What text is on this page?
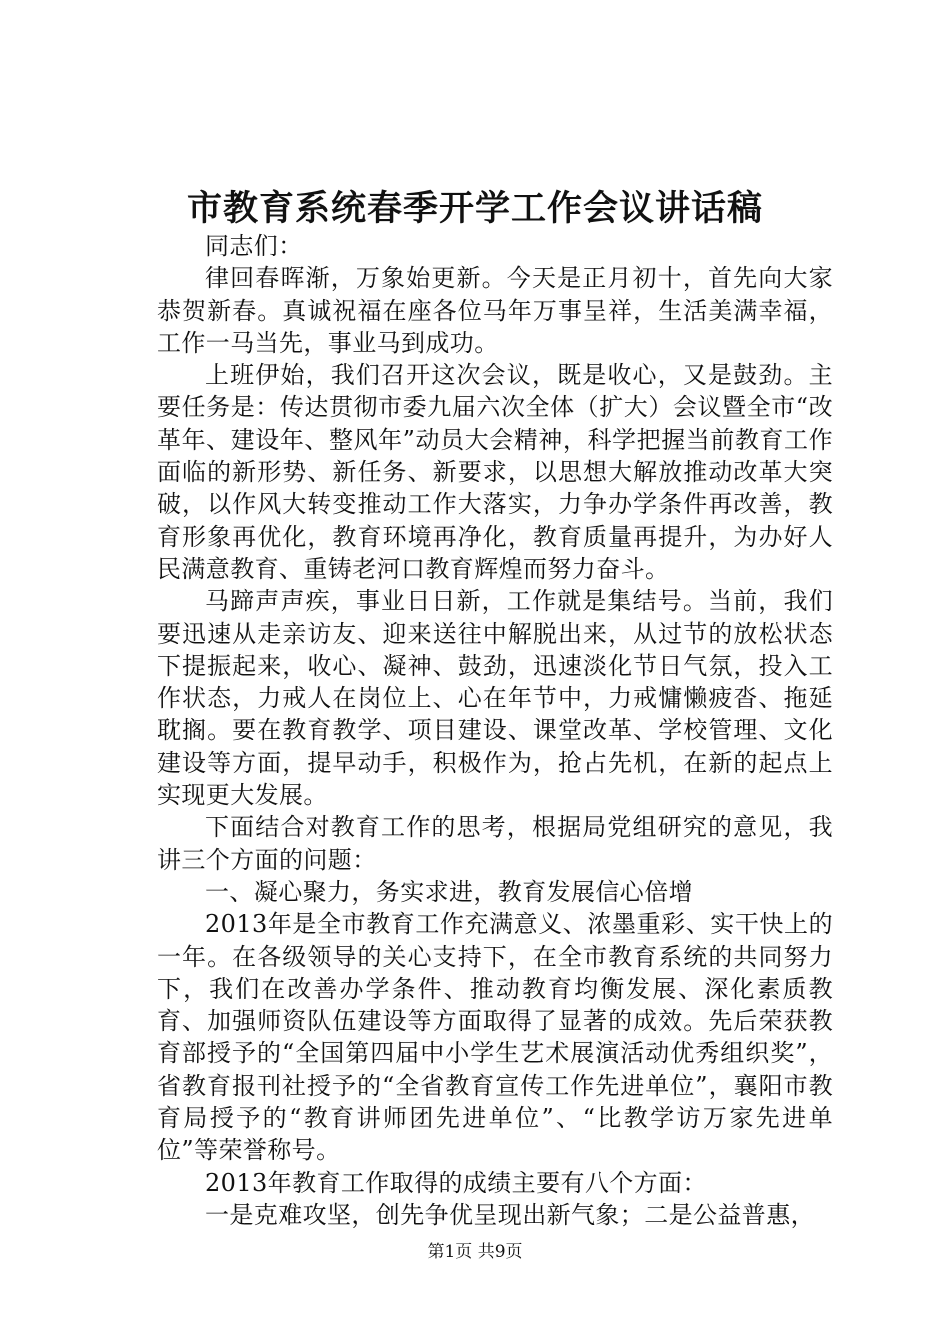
市教育系统春季开学工作会议讲话稿

同志们：

律回春晖渐，万象始更新。今天是正月初十，首先向大家恭贺新春。真诚祝福在座各位马年万事呈祥，生活美满幸福，工作一马当先，事业马到成功。

上班伊始，我们召开这次会议，既是收心，又是鼓劲。主要任务是：传达贯彻市委九届六次全体（扩大）会议暨全市“改革年、建设年、整风年”动员大会精神，科学把握当前教育工作面临的新形势、新任务、新要求，以思想大解放推动改革大突破，以作风大转变推动工作大落实，力争办学条件再改善，教育形象再优化，教育环境再净化，教育质量再提升，为办好人民满意教育、重铸老河口教育辉煌而努力奋斗。

马蹄声声疾，事业日日新，工作就是集结号。当前，我们要迅速从走亲访友、迎来送往中解脱出来，从过节的放松状态下提振起来，收心、凝神、鼓劲，迅速淡化节日气氛，投入工作状态，力戒人在岗位上、心在年节中，力戒慵懒疲沓、拖延耽搁。要在教育教学、项目建设、课堂改革、学校管理、文化建设等方面，提早动手，积极作为，抢占先机，在新的起点上实现更大发展。

下面结合对教育工作的思考，根据局党组研究的意见，我讲三个方面的问题：

一、凝心聚力，务实求进，教育发展信心倍增

2013年是全市教育工作充满意义、浓墨重彩、实干快上的一年。在各级领导的关心支持下，在全市教育系统的共同努力下，我们在改善办学条件、推动教育均衡发展、深化素质教育、加强师资队伍建设等方面取得了显著的成效。先后荣获教育部授予的“全国第四届中小学生艺术展演活动优秀组织奖”，省教育报刊社授予的“全省教育宣传工作先进单位”，襄阳市教育局授予的“教育讲师团先进单位”、“比教学访万家先进单位”等荣誉称号。

2013年教育工作取得的成绩主要有八个方面：

一是克难攻坚，创先争优呈现出新气象；二是公益普惠，

第1页 共9页
